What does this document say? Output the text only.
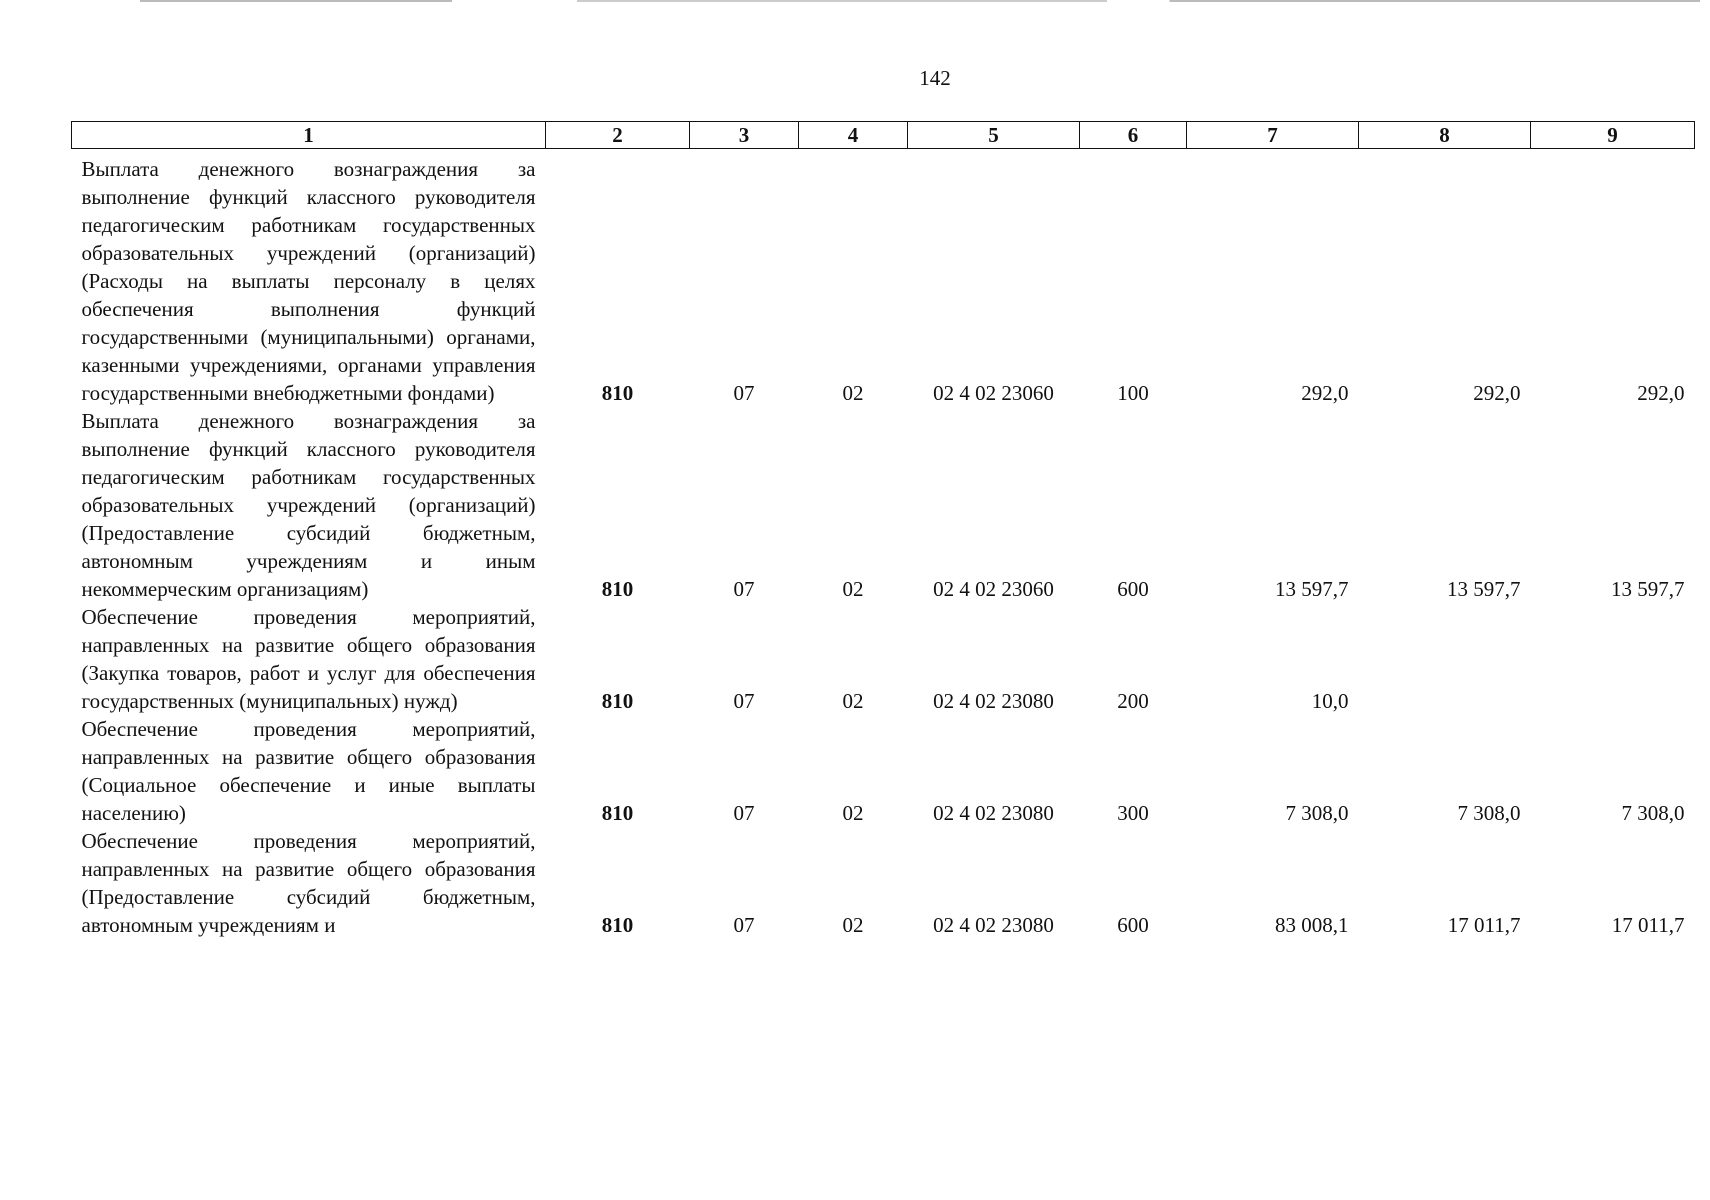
142
1	2	3	4	5	6	7	8	9
Выплата денежного вознаграждения за выполнение функций классного руководителя педагогическим работникам государственных образовательных учреждений (организаций) (Расходы на выплаты персоналу в целях обеспечения выполнения функций государственными (муниципальными) органами, казенными учреждениями, органами управления государственными внебюджетными фондами)	810	07	02	02 4 02 23060	100	292,0	292,0	292,0
Выплата денежного вознаграждения за выполнение функций классного руководителя педагогическим работникам государственных образовательных учреждений (организаций) (Предоставление субсидий бюджетным, автономным учреждениям и иным некоммерческим организациям)	810	07	02	02 4 02 23060	600	13 597,7	13 597,7	13 597,7
Обеспечение проведения мероприятий, направленных на развитие общего образования (Закупка товаров, работ и услуг для обеспечения государственных (муниципальных) нужд)	810	07	02	02 4 02 23080	200	10,0		
Обеспечение проведения мероприятий, направленных на развитие общего образования (Социальное обеспечение и иные выплаты населению)	810	07	02	02 4 02 23080	300	7 308,0	7 308,0	7 308,0
Обеспечение проведения мероприятий, направленных на развитие общего образования (Предоставление субсидий бюджетным, автономным учреждениям и	810	07	02	02 4 02 23080	600	83 008,1	17 011,7	17 011,7
